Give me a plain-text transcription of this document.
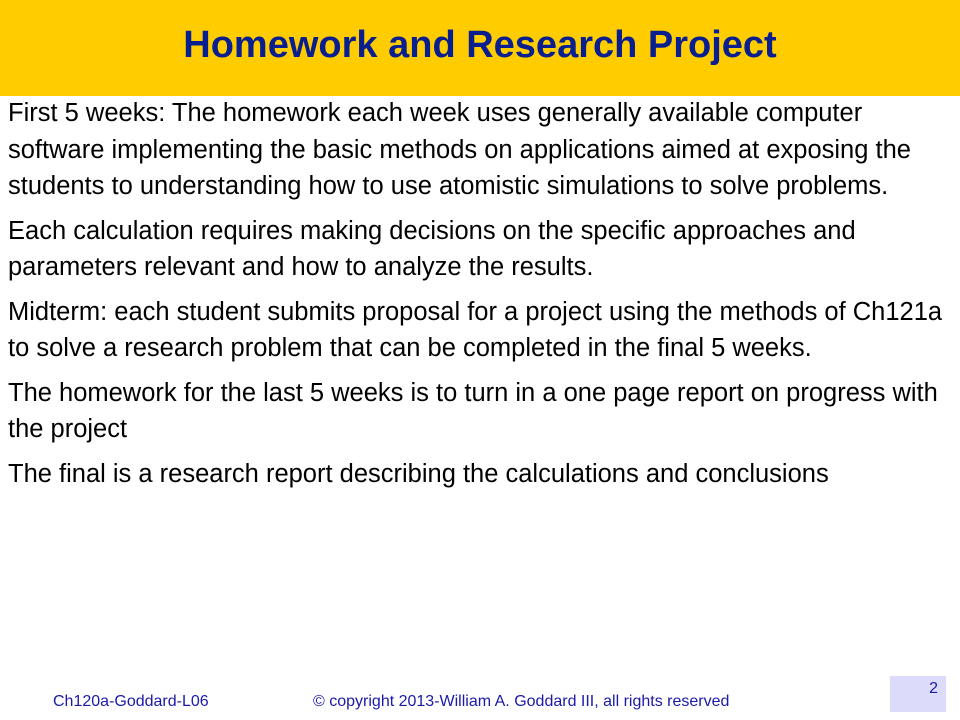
Homework and Research Project

First 5 weeks: The homework each week uses generally available computer software implementing the basic methods on applications aimed at exposing the students to understanding how to use atomistic simulations to solve problems.

Each calculation requires making decisions on the specific approaches and parameters relevant and how to analyze the results.

Midterm: each student submits proposal for a project using the methods of Ch121a to solve a research problem that can be completed in the final 5 weeks.

The homework for the last 5 weeks is to turn in a one page report on progress with the project

The final is a research report describing the calculations and conclusions

Ch120a-Goddard-L06	© copyright 2013-William A. Goddard III, all rights reserved
2
